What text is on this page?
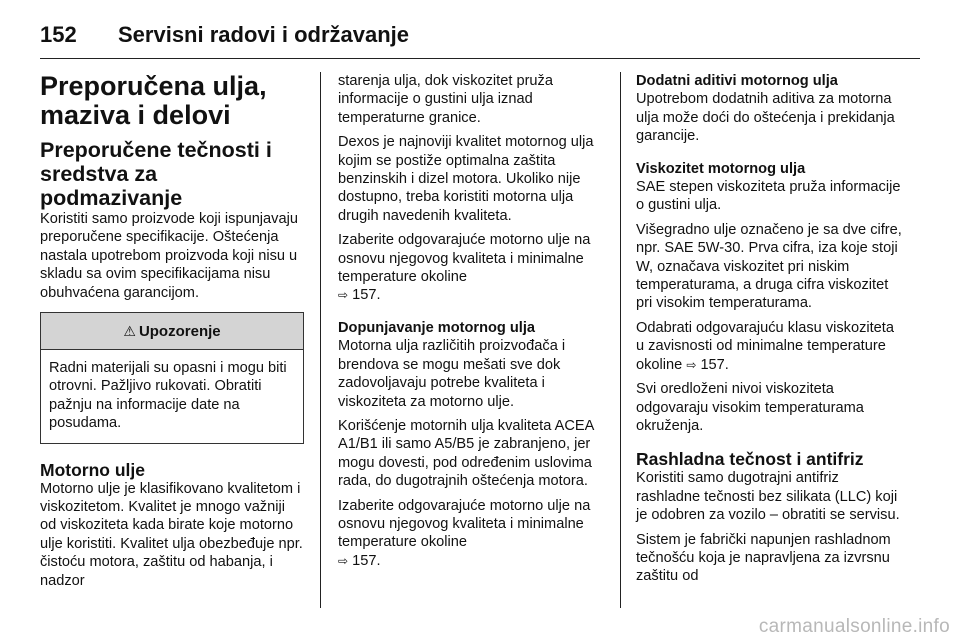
152	Servisni radovi i održavanje
Preporučena ulja, maziva i delovi
Preporučene tečnosti i sredstva za podmazivanje

Koristiti samo proizvode koji ispunjavaju preporučene specifikacije. Oštećenja nastala upotrebom proizvoda koji nisu u skladu sa ovim specifikacijama nisu obuhvaćena garancijom.

⚠ Upozorenje
Radni materijali su opasni i mogu biti otrovni. Pažljivo rukovati. Obratiti pažnju na informacije date na posudama.
Motorno ulje

Motorno ulje je klasifikovano kvalitetom i viskozitetom. Kvalitet je mnogo važniji od viskoziteta kada birate koje motorno ulje koristiti. Kvalitet ulja obezbeđuje npr. čistoću motora, zaštitu od habanja, i nadzor

starenja ulja, dok viskozitet pruža informacije o gustini ulja iznad temperaturne granice.

Dexos je najnoviji kvalitet motornog ulja kojim se postiže optimalna zaštita benzinskih i dizel motora. Ukoliko nije dostupno, treba koristiti motorna ulja drugih navedenih kvaliteta.

Izaberite odgovarajuće motorno ulje na osnovu njegovog kvaliteta i minimalne temperature okoline
⇨ 157.

Dopunjavanje motornog ulja

Motorna ulja različitih proizvođača i brendova se mogu mešati sve dok zadovoljavaju potrebe kvaliteta i viskoziteta za motorno ulje.

Korišćenje motornih ulja kvaliteta ACEA A1/B1 ili samo A5/B5 je zabranjeno, jer mogu dovesti, pod određenim uslovima rada, do dugotrajnih oštećenja motora.

Izaberite odgovarajuće motorno ulje na osnovu njegovog kvaliteta i minimalne temperature okoline
⇨ 157.

Dodatni aditivi motornog ulja

Upotrebom dodatnih aditiva za motorna ulja može doći do oštećenja i prekidanja garancije.

Viskozitet motornog ulja

SAE stepen viskoziteta pruža informacije o gustini ulja.

Višegradno ulje označeno je sa dve cifre, npr. SAE 5W-30. Prva cifra, iza koje stoji W, označava viskozitet pri niskim temperaturama, a druga cifra viskozitet pri visokim temperaturama.

Odabrati odgovarajuću klasu viskoziteta u zavisnosti od minimalne temperature okoline ⇨ 157.

Svi oredloženi nivoi viskoziteta odgovaraju visokim temperaturama okruženja.

Rashladna tečnost i antifriz

Koristiti samo dugotrajni antifriz rashladne tečnosti bez silikata (LLC) koji je odobren za vozilo – obratiti se servisu.

Sistem je fabrički napunjen rashladnom tečnošću koja je napravljena za izvrsnu zaštitu od

carmanualsonline.info
